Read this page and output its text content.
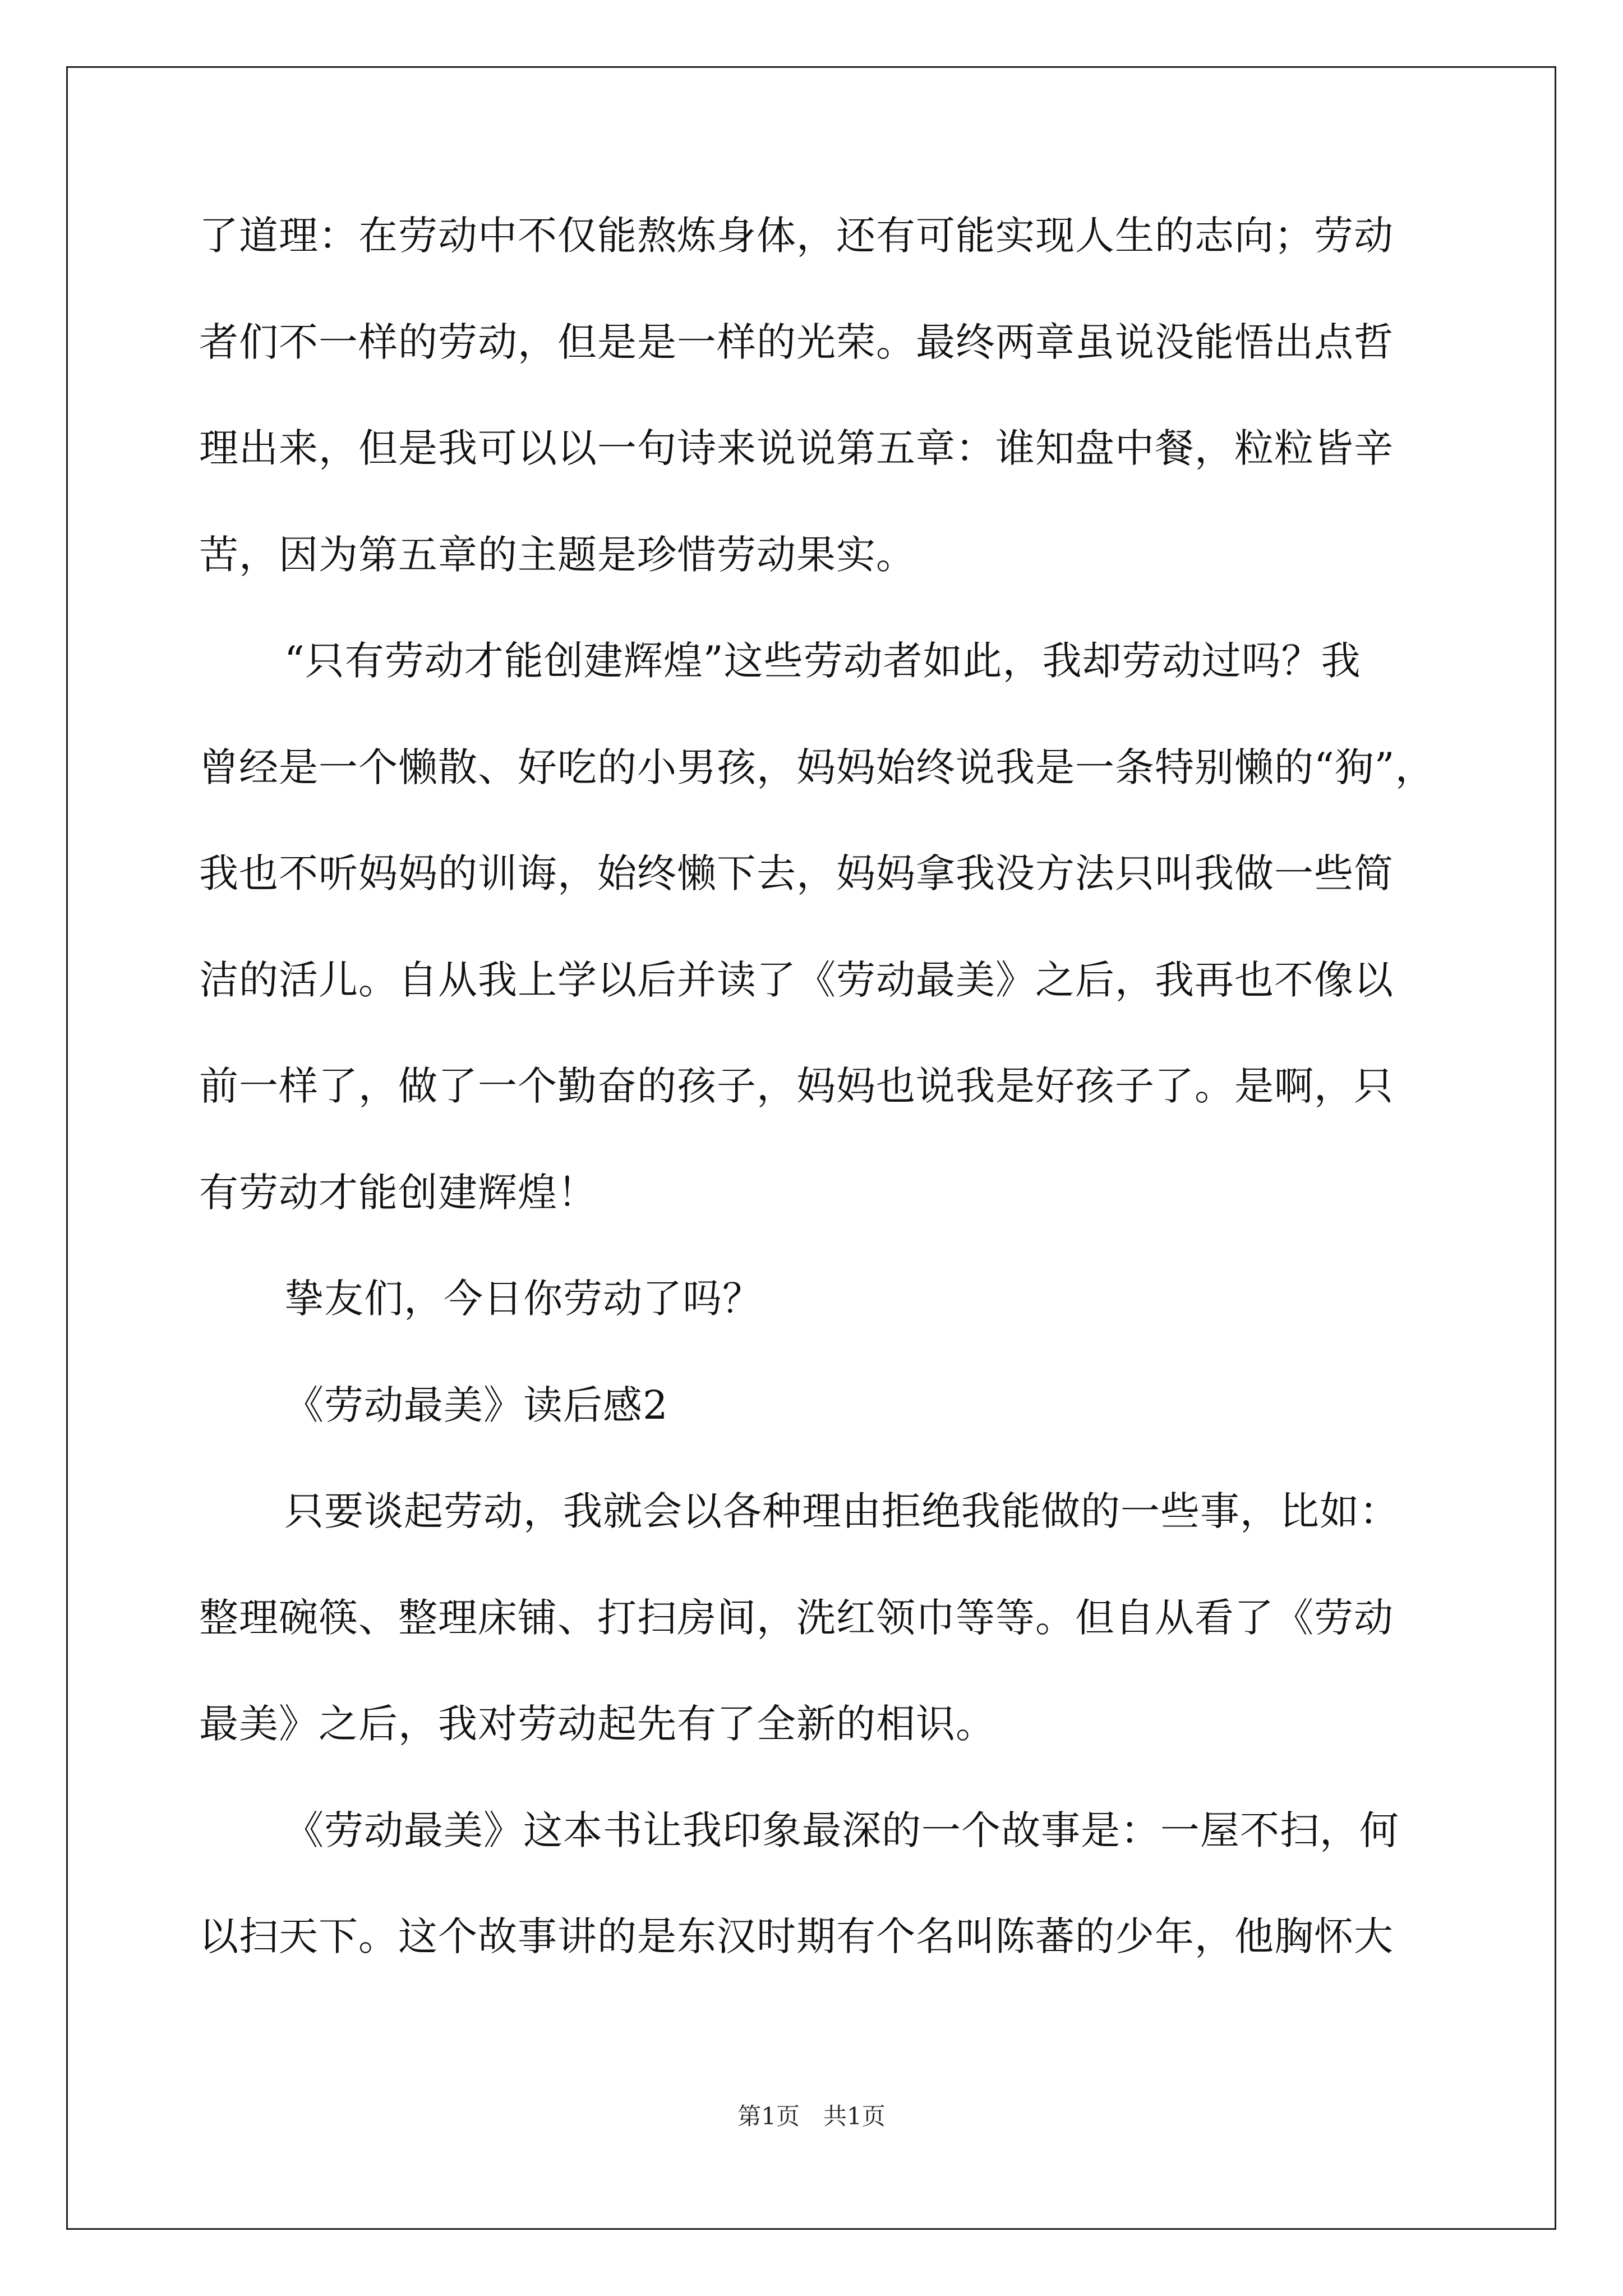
了道理：在劳动中不仅能熬炼身体，还有可能实现人生的志向；劳动
者们不一样的劳动，但是是一样的光荣。最终两章虽说没能悟出点哲
理出来，但是我可以以一句诗来说说第五章：谁知盘中餐，粒粒皆辛
苦，因为第五章的主题是珍惜劳动果实。
“只有劳动才能创建辉煌”这些劳动者如此，我却劳动过吗？我
曾经是一个懒散、好吃的小男孩，妈妈始终说我是一条特别懒的“狗”，
我也不听妈妈的训诲，始终懒下去，妈妈拿我没方法只叫我做一些简
洁的活儿。自从我上学以后并读了《劳动最美》之后，我再也不像以
前一样了，做了一个勤奋的孩子，妈妈也说我是好孩子了。是啊，只
有劳动才能创建辉煌！
挚友们，今日你劳动了吗？
《劳动最美》读后感2
只要谈起劳动，我就会以各种理由拒绝我能做的一些事，比如：
整理碗筷、整理床铺、打扫房间，洗红领巾等等。但自从看了《劳动
最美》之后，我对劳动起先有了全新的相识。
《劳动最美》这本书让我印象最深的一个故事是：一屋不扫，何
以扫天下。这个故事讲的是东汉时期有个名叫陈蕃的少年，他胸怀大
第1页　共1页
